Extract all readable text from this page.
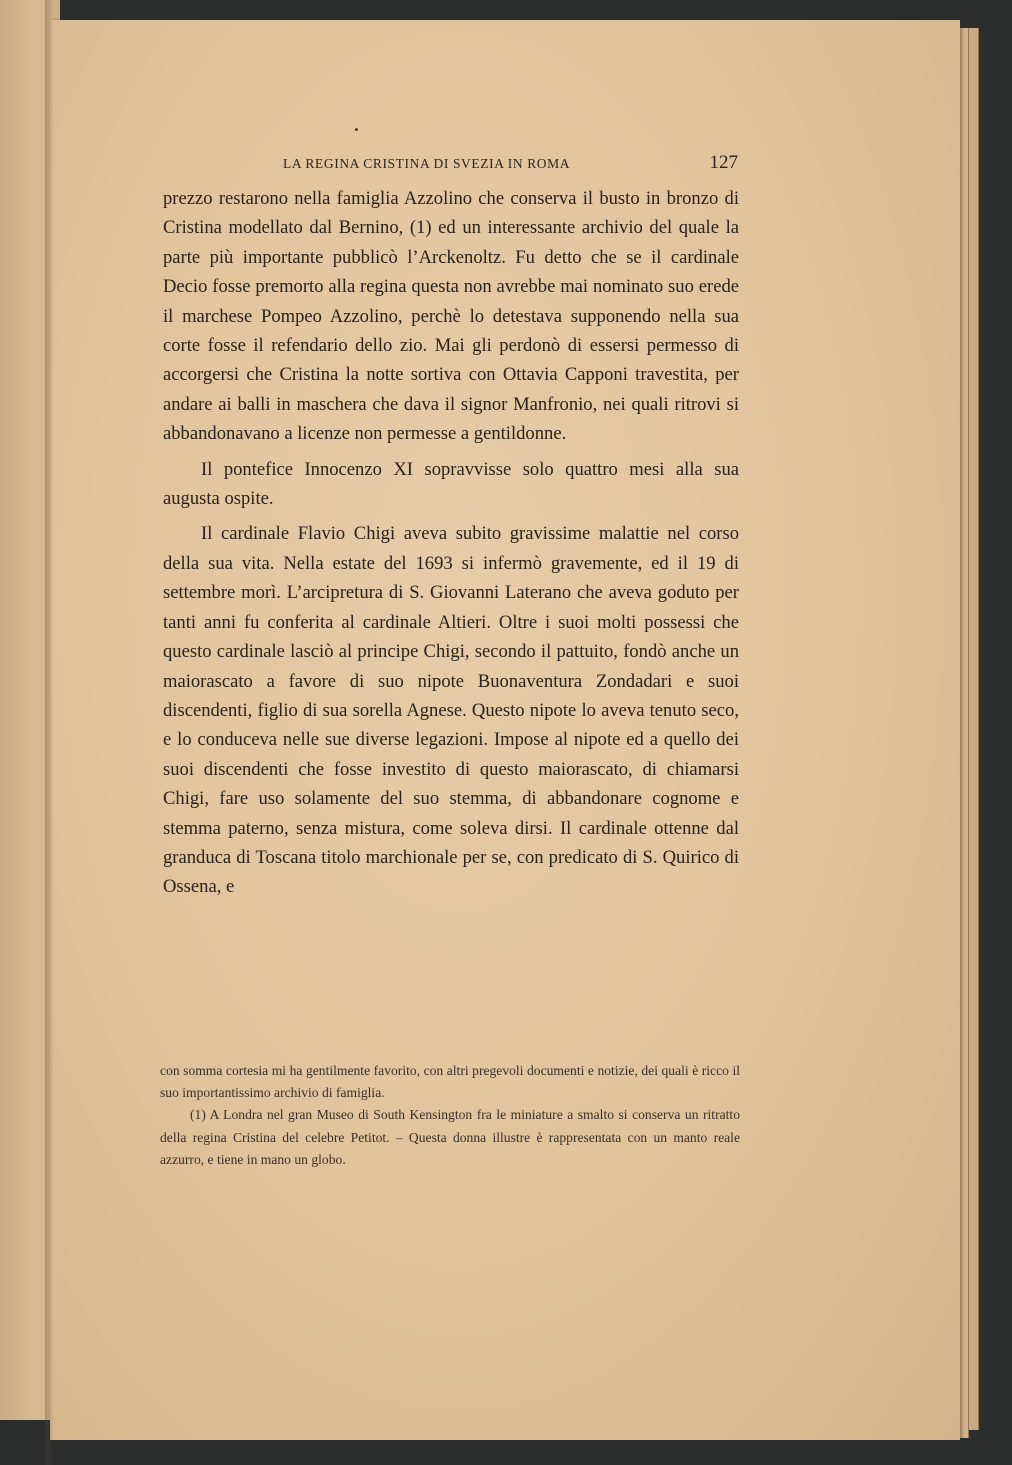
LA REGINA CRISTINA DI SVEZIA IN ROMA	127

prezzo restarono nella famiglia Azzolino che conserva il busto in bronzo di Cristina modellato dal Bernino, (1) ed un interessante archivio del quale la parte più importante pubblicò l’Arckenoltz. Fu detto che se il cardinale Decio fosse premorto alla regina questa non avrebbe mai nominato suo erede il marchese Pompeo Azzolino, perchè lo detestava supponendo nella sua corte fosse il refendario dello zio. Mai gli perdonò di essersi permesso di accorgersi che Cristina la notte sortiva con Ottavia Capponi travestita, per andare ai balli in maschera che dava il signor Manfronio, nei quali ritrovi si abbandonavano a licenze non permesse a gentildonne.

Il pontefice Innocenzo XI sopravvisse solo quattro mesi alla sua augusta ospite.

Il cardinale Flavio Chigi aveva subito gravissime malattie nel corso della sua vita. Nella estate del 1693 si infermò gravemente, ed il 19 di settembre morì. L’arcipretura di S. Giovanni Laterano che aveva goduto per tanti anni fu conferita al cardinale Altieri. Oltre i suoi molti possessi che questo cardinale lasciò al principe Chigi, secondo il pattuito, fondò anche un maiorascato a favore di suo nipote Buonaventura Zondadari e suoi discendenti, figlio di sua sorella Agnese. Questo nipote lo aveva tenuto seco, e lo conduceva nelle sue diverse legazioni. Impose al nipote ed a quello dei suoi discendenti che fosse investito di questo maiorascato, di chiamarsi Chigi, fare uso solamente del suo stemma, di abbandonare cognome e stemma paterno, senza mistura, come soleva dirsi. Il cardinale ottenne dal granduca di Toscana titolo marchionale per se, con predicato di S. Quirico di Ossena, e

con somma cortesia mi ha gentilmente favorito, con altri pregevoli documenti e notizie, dei quali è ricco il suo importantissimo archivio di famiglia.

(1) A Londra nel gran Museo di South Kensington fra le miniature a smalto si conserva un ritratto della regina Cristina del celebre Petitot. – Questa donna illustre è rappresentata con un manto reale azzurro, e tiene in mano un globo.
